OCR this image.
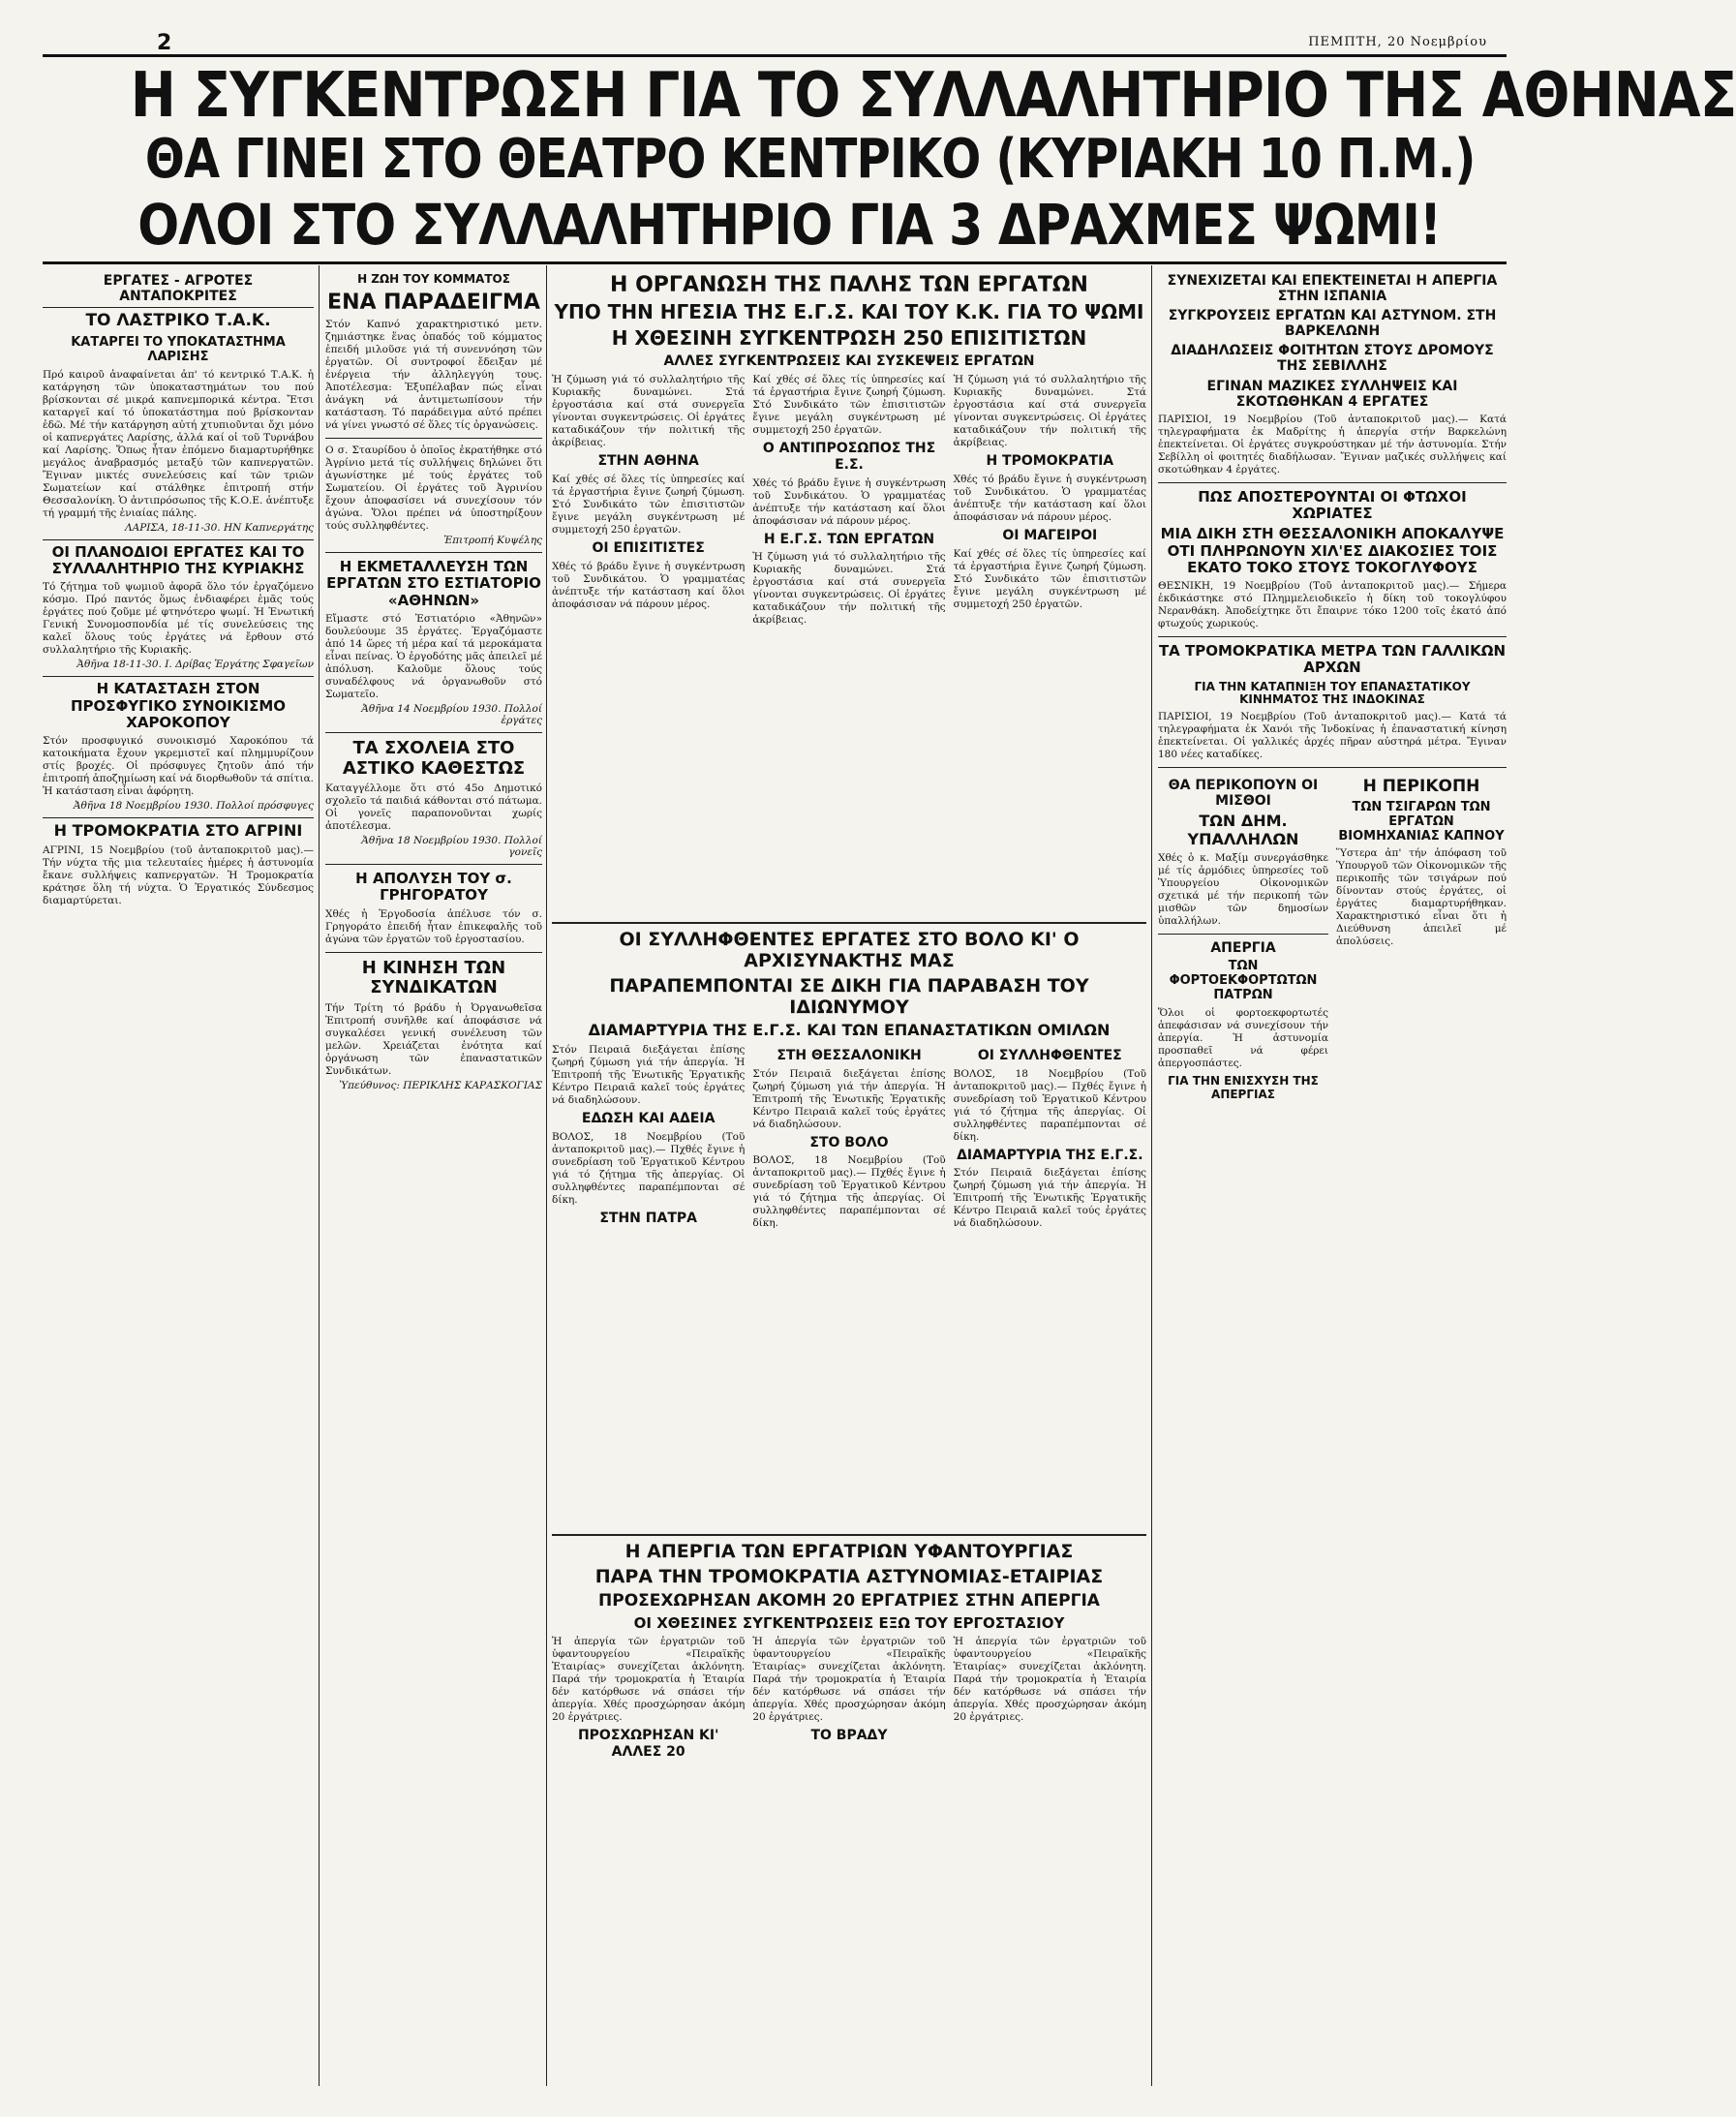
2	ΠΕΜΠΤΗ, 20 Νοεμβρίου
Η ΣΥΓΚΕΝΤΡΩΣΗ ΓΙΑ ΤΟ ΣΥΛΛΑΛΗΤΗΡΙΟ ΤΗΣ ΑΘΗΝΑΣ
ΘΑ ΓΙΝΕΙ ΣΤΟ ΘΕΑΤΡΟ ΚΕΝΤΡΙΚΟ (ΚΥΡΙΑΚΗ 10 Π.Μ.)
ΟΛΟΙ ΣΤΟ ΣΥΛΛΑΛΗΤΗΡΙΟ ΓΙΑ 3 ΔΡΑΧΜΕΣ ΨΩΜΙ!
ΕΡΓΑΤΕΣ - ΑΓΡΟΤΕΣ ΑΝΤΑΠΟΚΡΙΤΕΣ
ΤΟ ΛΑΣΤΡΙΚΟ Τ.Α.Κ.
ΚΑΤΑΡΓΕΙ ΤΟ ΥΠΟΚΑΤΑΣΤΗΜΑ ΛΑΡΙΣΗΣ

Πρό καιροῦ ἀναφαίνεται ἀπ' τό κεντρικό Τ.Α.Κ. ἡ κατάργηση τῶν ὑποκαταστημάτων του πού βρίσκονται σέ μικρά καπνεμπορικά κέντρα. Ἔτσι καταργεῖ καί τό ὑποκατάστημα πού βρίσκονταν ἐδῶ. Μέ τήν κατάργηση αὐτή χτυπιοῦνται ὄχι μόνο οἱ καπνεργάτες Λαρίσης, ἀλλά καί οἱ τοῦ Τυρνάβου καί Λαρίσης. Ὅπως ἦταν ἐπόμενο διαμαρτυρήθηκε μεγάλος ἀναβρασμός μεταξύ τῶν καπνεργατῶν. Ἔγιναν μικτές συνελεύσεις καί τῶν τριῶν Σωματείων καί στάλθηκε ἐπιτροπή στήν Θεσσαλονίκη. Ὁ ἀντιπρόσωπος τῆς Κ.Ο.Ε. ἀνέπτυξε τή γραμμή τῆς ἑνιαίας πάλης.

ΛΑΡΙΣΑ, 18-11-30. ΗΝ Καπνεργάτης

ΟΙ ΠΛΑΝΟΔΙΟΙ ΕΡΓΑΤΕΣ ΚΑΙ ΤΟ ΣΥΛΛΑΛΗΤΗΡΙΟ ΤΗΣ ΚΥΡΙΑΚΗΣ

Τό ζήτημα τοῦ ψωμιοῦ ἀφορᾶ ὅλο τόν ἐργαζόμενο κόσμο. Πρό παντός ὅμως ἐνδιαφέρει ἐμᾶς τούς ἐργάτες πού ζοῦμε μέ φτηνότερο ψωμί. Ἡ Ἑνωτική Γενική Συνομοσπονδία μέ τίς συνελεύσεις της καλεῖ ὅλους τούς ἐργάτες νά ἔρθουν στό συλλαλητήριο τῆς Κυριακῆς.

Ἀθῆνα 18-11-30. Ι. Δρίβας Ἐργάτης Σφαγεῖων

Η ΚΑΤΑΣΤΑΣΗ ΣΤΟΝ ΠΡΟΣΦΥΓΙΚΟ ΣΥΝΟΙΚΙΣΜΟ ΧΑΡΟΚΟΠΟΥ

Στόν προσφυγικό συνοικισμό Χαροκόπου τά κατοικήματα ἔχουν γκρεμιστεῖ καί πλημμυρίζουν στίς βροχές. Οἱ πρόσφυγες ζητοῦν ἀπό τήν ἐπιτροπή ἀποζημίωση καί νά διορθωθοῦν τά σπίτια. Ἡ κατάσταση εἶναι ἀφόρητη.

Ἀθῆνα 18 Νοεμβρίου 1930. Πολλοί πρόσφυγες

Η ΤΡΟΜΟΚΡΑΤΙΑ ΣΤΟ ΑΓΡΙΝΙ

ΑΓΡΙΝΙ, 15 Νοεμβρίου (τοῦ ἀνταποκριτοῦ μας).— Τήν νύχτα τῆς μια τελευταίες ἡμέρες ἡ ἀστυνομία ἔκανε συλλήψεις καπνεργατῶν. Ἡ Τρομοκρατία κράτησε ὅλη τή νύχτα. Ὁ Ἐργατικός Σύνδεσμος διαμαρτύρεται.

Η ΖΩΗ ΤΟΥ ΚΟΜΜΑΤΟΣ
ΕΝΑ ΠΑΡΑΔΕΙΓΜΑ

Στόν Καπνό χαρακτηριστικό μετν. ζημιάστηκε ἕνας ὀπαδός τοῦ κόμματος ἐπειδή μιλοῦσε γιά τή συνεννόηση τῶν ἐργατῶν. Οἱ συντροφοί ἔδειξαν μέ ἐνέργεια τήν ἀλληλεγγύη τους. Ἀποτέλεσμα: Ἐξυπέλαβαν πώς εἶναι ἀνάγκη νά ἀντιμετωπίσουν τήν κατάσταση. Τό παράδειγμα αὐτό πρέπει νά γίνει γνωστό σέ ὅλες τίς ὀργανώσεις.

Ο σ. Σταυρίδου ὁ ὁποῖος ἐκρατήθηκε στό Ἀγρίνιο μετά τίς συλλήψεις δηλώνει ὅτι ἀγωνίστηκε μέ τούς ἐργάτες τοῦ Σωματείου. Οἱ ἐργάτες τοῦ Ἀγρινίου ἔχουν ἀποφασίσει νά συνεχίσουν τόν ἀγώνα. Ὅλοι πρέπει νά ὑποστηρίξουν τούς συλληφθέντες.

Ἐπιτροπή Κυψέλης

Η ΕΚΜΕΤΑΛΛΕΥΣΗ ΤΩΝ ΕΡΓΑΤΩΝ ΣΤΟ ΕΣΤΙΑΤΟΡΙΟ «ΑΘΗΝΩΝ»

Εἴμαστε στό Ἑστιατόριο «Ἀθηνῶν» δουλεύουμε 35 ἐργάτες. Ἐργαζόμαστε ἀπό 14 ὥρες τή μέρα καί τά μεροκάματα εἶναι πείνας. Ὁ ἐργοδότης μᾶς ἀπειλεῖ μέ ἀπόλυση. Καλοῦμε ὅλους τούς συναδέλφους νά ὀργανωθοῦν στό Σωματεῖο.

Ἀθῆνα 14 Νοεμβρίου 1930. Πολλοί ἐργάτες

ΤΑ ΣΧΟΛΕΙΑ ΣΤΟ ΑΣΤΙΚΟ ΚΑΘΕΣΤΩΣ

Καταγγέλλομε ὅτι στό 45ο Δημοτικό σχολεῖο τά παιδιά κάθονται στό πάτωμα. Οἱ γονεῖς παραπονοῦνται χωρίς ἀποτέλεσμα.

Ἀθῆνα 18 Νοεμβρίου 1930. Πολλοί γονεῖς

Η ΑΠΟΛΥΣΗ ΤΟΥ σ. ΓΡΗΓΟΡΑΤΟΥ

Χθές ἡ Ἐργοδοσία ἀπέλυσε τόν σ. Γρηγοράτο ἐπειδή ἦταν ἐπικεφαλῆς τοῦ ἀγώνα τῶν ἐργατῶν τοῦ ἐργοστασίου.

Η ΚΙΝΗΣΗ ΤΩΝ ΣΥΝΔΙΚΑΤΩΝ

Τήν Τρίτη τό βράδυ ἡ Ὀργανωθεῖσα Ἐπιτροπή συνῆλθε καί ἀποφάσισε νά συγκαλέσει γενική συνέλευση τῶν μελῶν. Χρειάζεται ἐνότητα καί ὀργάνωση τῶν ἐπαναστατικῶν Συνδικάτων.

Ὑπεύθυνος: ΠΕΡΙΚΛΗΣ ΚΑΡΑΣΚΟΓΙΑΣ

Η ΟΡΓΑΝΩΣΗ ΤΗΣ ΠΑΛΗΣ ΤΩΝ ΕΡΓΑΤΩΝ
ΥΠΟ ΤΗΝ ΗΓΕΣΙΑ ΤΗΣ Ε.Γ.Σ. ΚΑΙ ΤΟΥ Κ.Κ. ΓΙΑ ΤΟ ΨΩΜΙ
Η ΧΘΕΣΙΝΗ ΣΥΓΚΕΝΤΡΩΣΗ 250 ΕΠΙΣΙΤΙΣΤΩΝ
ΑΛΛΕΣ ΣΥΓΚΕΝΤΡΩΣΕΙΣ ΚΑΙ ΣΥΣΚΕΨΕΙΣ ΕΡΓΑΤΩΝ

Ἡ ζύμωση γιά τό συλλαλητήριο τῆς Κυριακῆς δυναμώνει. Στά ἐργοστάσια καί στά συνεργεῖα γίνονται συγκεντρώσεις. Οἱ ἐργάτες καταδικάζουν τήν πολιτική τῆς ἀκρίβειας.

ΣΤΗΝ ΑΘΗΝΑ

Καί χθές σέ ὅλες τίς ὑπηρεσίες καί τά ἐργαστήρια ἔγινε ζωηρή ζύμωση. Στό Συνδικάτο τῶν ἐπισιτιστῶν ἔγινε μεγάλη συγκέντρωση μέ συμμετοχή 250 ἐργατῶν.

ΟΙ ΕΠΙΣΙΤΙΣΤΕΣ

Χθές τό βράδυ ἔγινε ἡ συγκέντρωση τοῦ Συνδικάτου. Ὁ γραμματέας ἀνέπτυξε τήν κατάσταση καί ὅλοι ἀποφάσισαν νά πάρουν μέρος.

Καί χθές σέ ὅλες τίς ὑπηρεσίες καί τά ἐργαστήρια ἔγινε ζωηρή ζύμωση. Στό Συνδικάτο τῶν ἐπισιτιστῶν ἔγινε μεγάλη συγκέντρωση μέ συμμετοχή 250 ἐργατῶν.

Ο ΑΝΤΙΠΡΟΣΩΠΟΣ ΤΗΣ Ε.Σ.

Χθές τό βράδυ ἔγινε ἡ συγκέντρωση τοῦ Συνδικάτου. Ὁ γραμματέας ἀνέπτυξε τήν κατάσταση καί ὅλοι ἀποφάσισαν νά πάρουν μέρος.

Η Ε.Γ.Σ. ΤΩΝ ΕΡΓΑΤΩΝ

Ἡ ζύμωση γιά τό συλλαλητήριο τῆς Κυριακῆς δυναμώνει. Στά ἐργοστάσια καί στά συνεργεῖα γίνονται συγκεντρώσεις. Οἱ ἐργάτες καταδικάζουν τήν πολιτική τῆς ἀκρίβειας.

Ἡ ζύμωση γιά τό συλλαλητήριο τῆς Κυριακῆς δυναμώνει. Στά ἐργοστάσια καί στά συνεργεῖα γίνονται συγκεντρώσεις. Οἱ ἐργάτες καταδικάζουν τήν πολιτική τῆς ἀκρίβειας.

Η ΤΡΟΜΟΚΡΑΤΙΑ

Χθές τό βράδυ ἔγινε ἡ συγκέντρωση τοῦ Συνδικάτου. Ὁ γραμματέας ἀνέπτυξε τήν κατάσταση καί ὅλοι ἀποφάσισαν νά πάρουν μέρος.

ΟΙ ΜΑΓΕΙΡΟΙ

Καί χθές σέ ὅλες τίς ὑπηρεσίες καί τά ἐργαστήρια ἔγινε ζωηρή ζύμωση. Στό Συνδικάτο τῶν ἐπισιτιστῶν ἔγινε μεγάλη συγκέντρωση μέ συμμετοχή 250 ἐργατῶν.

ΟΙ ΣΥΛΛΗΦΘΕΝΤΕΣ ΕΡΓΑΤΕΣ ΣΤΟ ΒΟΛΟ ΚΙ' Ο ΑΡΧΙΣΥΝΑΚΤΗΣ ΜΑΣ
ΠΑΡΑΠΕΜΠΟΝΤΑΙ ΣΕ ΔΙΚΗ ΓΙΑ ΠΑΡΑΒΑΣΗ ΤΟΥ ΙΔΙΩΝΥΜΟΥ
ΔΙΑΜΑΡΤΥΡΙΑ ΤΗΣ Ε.Γ.Σ. ΚΑΙ ΤΩΝ ΕΠΑΝΑΣΤΑΤΙΚΩΝ ΟΜΙΛΩΝ

Στόν Πειραιᾶ διεξάγεται ἐπίσης ζωηρή ζύμωση γιά τήν ἀπεργία. Ἡ Ἐπιτροπή τῆς Ἑνωτικῆς Ἐργατικῆς Κέντρο Πειραιᾶ καλεῖ τούς ἐργάτες νά διαδηλώσουν.

ΕΔΩΣΗ ΚΑΙ ΑΔΕΙΑ

ΒΟΛΟΣ, 18 Νοεμβρίου (Τοῦ ἀνταποκριτοῦ μας).— Πχθές ἔγινε ἡ συνεδρίαση τοῦ Ἐργατικοῦ Κέντρου γιά τό ζήτημα τῆς ἀπεργίας. Οἱ συλληφθέντες παραπέμπονται σέ δίκη.

ΣΤΗΝ ΠΑΤΡΑ
ΣΤΗ ΘΕΣΣΑΛΟΝΙΚΗ

Στόν Πειραιᾶ διεξάγεται ἐπίσης ζωηρή ζύμωση γιά τήν ἀπεργία. Ἡ Ἐπιτροπή τῆς Ἑνωτικῆς Ἐργατικῆς Κέντρο Πειραιᾶ καλεῖ τούς ἐργάτες νά διαδηλώσουν.

ΣΤΟ ΒΟΛΟ

ΒΟΛΟΣ, 18 Νοεμβρίου (Τοῦ ἀνταποκριτοῦ μας).— Πχθές ἔγινε ἡ συνεδρίαση τοῦ Ἐργατικοῦ Κέντρου γιά τό ζήτημα τῆς ἀπεργίας. Οἱ συλληφθέντες παραπέμπονται σέ δίκη.

ΟΙ ΣΥΛΛΗΦΘΕΝΤΕΣ

ΒΟΛΟΣ, 18 Νοεμβρίου (Τοῦ ἀνταποκριτοῦ μας).— Πχθές ἔγινε ἡ συνεδρίαση τοῦ Ἐργατικοῦ Κέντρου γιά τό ζήτημα τῆς ἀπεργίας. Οἱ συλληφθέντες παραπέμπονται σέ δίκη.

ΔΙΑΜΑΡΤΥΡΙΑ ΤΗΣ Ε.Γ.Σ.

Στόν Πειραιᾶ διεξάγεται ἐπίσης ζωηρή ζύμωση γιά τήν ἀπεργία. Ἡ Ἐπιτροπή τῆς Ἑνωτικῆς Ἐργατικῆς Κέντρο Πειραιᾶ καλεῖ τούς ἐργάτες νά διαδηλώσουν.

Η ΑΠΕΡΓΙΑ ΤΩΝ ΕΡΓΑΤΡΙΩΝ ΥΦΑΝΤΟΥΡΓΙΑΣ
ΠΑΡΑ ΤΗΝ ΤΡΟΜΟΚΡΑΤΙΑ ΑΣΤΥΝΟΜΙΑΣ-ΕΤΑΙΡΙΑΣ
ΠΡΟΣΕΧΩΡΗΣΑΝ ΑΚΟΜΗ 20 ΕΡΓΑΤΡΙΕΣ ΣΤΗΝ ΑΠΕΡΓΙΑ
ΟΙ ΧΘΕΣΙΝΕΣ ΣΥΓΚΕΝΤΡΩΣΕΙΣ ΕΞΩ ΤΟΥ ΕΡΓΟΣΤΑΣΙΟΥ

Ἡ ἀπεργία τῶν ἐργατριῶν τοῦ ὑφαντουργείου «Πειραϊκῆς Ἑταιρίας» συνεχίζεται ἀκλόνητη. Παρά τήν τρομοκρατία ἡ Ἑταιρία δέν κατόρθωσε νά σπάσει τήν ἀπεργία. Χθές προσχώρησαν ἀκόμη 20 ἐργάτριες.

ΠΡΟΣΧΩΡΗΣΑΝ ΚΙ' ΑΛΛΕΣ 20

Ἡ ἀπεργία τῶν ἐργατριῶν τοῦ ὑφαντουργείου «Πειραϊκῆς Ἑταιρίας» συνεχίζεται ἀκλόνητη. Παρά τήν τρομοκρατία ἡ Ἑταιρία δέν κατόρθωσε νά σπάσει τήν ἀπεργία. Χθές προσχώρησαν ἀκόμη 20 ἐργάτριες.

ΤΟ ΒΡΑΔΥ

Ἡ ἀπεργία τῶν ἐργατριῶν τοῦ ὑφαντουργείου «Πειραϊκῆς Ἑταιρίας» συνεχίζεται ἀκλόνητη. Παρά τήν τρομοκρατία ἡ Ἑταιρία δέν κατόρθωσε νά σπάσει τήν ἀπεργία. Χθές προσχώρησαν ἀκόμη 20 ἐργάτριες.

ΣΥΝΕΧΙΖΕΤΑΙ ΚΑΙ ΕΠΕΚΤΕΙΝΕΤΑΙ Η ΑΠΕΡΓΙΑ ΣΤΗΝ ΙΣΠΑΝΙΑ
ΣΥΓΚΡΟΥΣΕΙΣ ΕΡΓΑΤΩΝ ΚΑΙ ΑΣΤΥΝΟΜ. ΣΤΗ ΒΑΡΚΕΛΩΝΗ
ΔΙΑΔΗΛΩΣΕΙΣ ΦΟΙΤΗΤΩΝ ΣΤΟΥΣ ΔΡΟΜΟΥΣ ΤΗΣ ΣΕΒΙΛΛΗΣ
ΕΓΙΝΑΝ ΜΑΖΙΚΕΣ ΣΥΛΛΗΨΕΙΣ ΚΑΙ ΣΚΟΤΩΘΗΚΑΝ 4 ΕΡΓΑΤΕΣ

ΠΑΡΙΣΙΟΙ, 19 Νοεμβρίου (Τοῦ ἀνταποκριτοῦ μας).— Κατά τηλεγραφήματα ἐκ Μαδρίτης ἡ ἀπεργία στήν Βαρκελώνη ἐπεκτείνεται. Οἱ ἐργάτες συγκρούστηκαν μέ τήν ἀστυνομία. Στήν Σεβίλλη οἱ φοιτητές διαδήλωσαν. Ἔγιναν μαζικές συλλήψεις καί σκοτώθηκαν 4 ἐργάτες.

ΠΩΣ ΑΠΟΣΤΕΡΟΥΝΤΑΙ ΟΙ ΦΤΩΧΟΙ ΧΩΡΙΑΤΕΣ
ΜΙΑ ΔΙΚΗ ΣΤΗ ΘΕΣΣΑΛΟΝΙΚΗ ΑΠΟΚΑΛΥΨΕ ΟΤΙ ΠΛΗΡΩΝΟΥΝ ΧΙΛ'ΕΣ ΔΙΑΚΟΣΙΕΣ ΤΟΙΣ ΕΚΑΤΟ ΤΟΚΟ ΣΤΟΥΣ ΤΟΚΟΓΛΥΦΟΥΣ

ΘΕΣΝΙΚΗ, 19 Νοεμβρίου (Τοῦ ἀνταποκριτοῦ μας).— Σήμερα ἐκδικάστηκε στό Πλημμελειοδικεῖο ἡ δίκη τοῦ τοκογλύφου Νερανθάκη. Ἀποδείχτηκε ὅτι ἔπαιρνε τόκο 1200 τοῖς ἑκατό ἀπό φτωχούς χωρικούς.

ΤΑ ΤΡΟΜΟΚΡΑΤΙΚΑ ΜΕΤΡΑ ΤΩΝ ΓΑΛΛΙΚΩΝ ΑΡΧΩΝ
ΓΙΑ ΤΗΝ ΚΑΤΑΠΝΙΞΗ ΤΟΥ ΕΠΑΝΑΣΤΑΤΙΚΟΥ ΚΙΝΗΜΑΤΟΣ ΤΗΣ ΙΝΔΟΚΙΝΑΣ

ΠΑΡΙΣΙΟΙ, 19 Νοεμβρίου (Τοῦ ἀνταποκριτοῦ μας).— Κατά τά τηλεγραφήματα ἐκ Χανόι τῆς Ἰνδοκίνας ἡ ἐπαναστατική κίνηση ἐπεκτείνεται. Οἱ γαλλικές ἀρχές πῆραν αὐστηρά μέτρα. Ἔγιναν 180 νέες καταδίκες.

ΘΑ ΠΕΡΙΚΟΠΟΥΝ ΟΙ ΜΙΣΘΟΙ
ΤΩΝ ΔΗΜ. ΥΠΑΛΛΗΛΩΝ

Χθές ὁ κ. Μαξίμ συνεργάσθηκε μέ τίς ἁρμόδιες ὑπηρεσίες τοῦ Ὑπουργείου Οἰκονομικῶν σχετικά μέ τήν περικοπή τῶν μισθῶν τῶν δημοσίων ὑπαλλήλων.

ΑΠΕΡΓΙΑ
ΤΩΝ ΦΟΡΤΟΕΚΦΟΡΤΩΤΩΝ ΠΑΤΡΩΝ

Ὅλοι οἱ φορτοεκφορτωτές ἀπεφάσισαν νά συνεχίσουν τήν ἀπεργία. Ἡ ἀστυνομία προσπαθεῖ νά φέρει ἀπεργοσπάστες.

ΓΙΑ ΤΗΝ ΕΝΙΣΧΥΣΗ ΤΗΣ ΑΠΕΡΓΙΑΣ
Η ΠΕΡΙΚΟΠΗ
ΤΩΝ ΤΣΙΓΑΡΩΝ ΤΩΝ ΕΡΓΑΤΩΝ ΒΙΟΜΗΧΑΝΙΑΣ ΚΑΠΝΟΥ

Ὕστερα ἀπ' τήν ἀπόφαση τοῦ Ὑπουργοῦ τῶν Οἰκονομικῶν τῆς περικοπῆς τῶν τσιγάρων πού δίνονταν στούς ἐργάτες, οἱ ἐργάτες διαμαρτυρήθηκαν. Χαρακτηριστικό εἶναι ὅτι ἡ Διεύθυνση ἀπειλεῖ μέ ἀπολύσεις.
